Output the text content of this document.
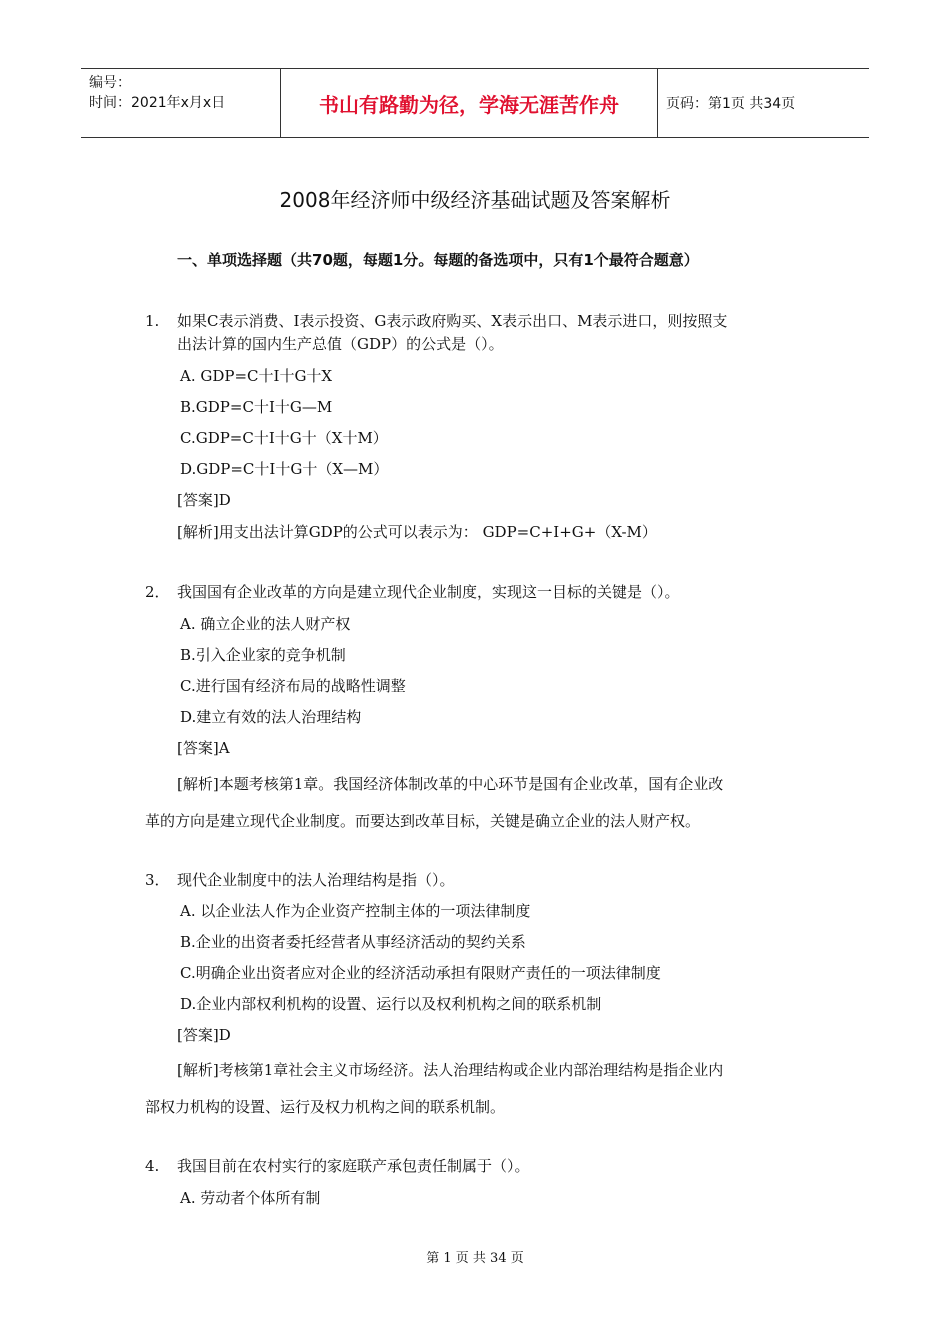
编号：
时间：2021年x月x日	书山有路勤为径，学海无涯苦作舟	页码：第1页 共34页
2008年经济师中级经济基础试题及答案解析
一、单项选择题（共70题，每题1分。每题的备选项中，只有1个最符合题意）
1. 如果C表示消费、I表示投资、G表示政府购买、X表示出口、M表示进口，则按照支
出法计算的国内生产总值（GDP）的公式是（）。
A. GDP=C十I十G十X
B.GDP=C十I十G—M
C.GDP=C十I十G十（X十M）
D.GDP=C十I十G十（X—M）
[答案]D
[解析]用支出法计算GDP的公式可以表示为： GDP=C+I+G+（X-M）
2． 我国国有企业改革的方向是建立现代企业制度，实现这一目标的关键是（）。
A. 确立企业的法人财产权
B.引入企业家的竞争机制
C.进行国有经济布局的战略性调整
D.建立有效的法人治理结构
[答案]A
[解析]本题考核第1章。我国经济体制改革的中心环节是国有企业改革，国有企业改
革的方向是建立现代企业制度。而要达到改革目标，关键是确立企业的法人财产权。
3． 现代企业制度中的法人治理结构是指（）。
A. 以企业法人作为企业资产控制主体的一项法律制度
B.企业的出资者委托经营者从事经济活动的契约关系
C.明确企业出资者应对企业的经济活动承担有限财产责任的一项法律制度
D.企业内部权利机构的设置、运行以及权利机构之间的联系机制
[答案]D
[解析]考核第1章社会主义市场经济。法人治理结构或企业内部治理结构是指企业内
部权力机构的设置、运行及权力机构之间的联系机制。
4. 我国目前在农村实行的家庭联产承包责任制属于（）。
A. 劳动者个体所有制
第 1 页 共 34 页
